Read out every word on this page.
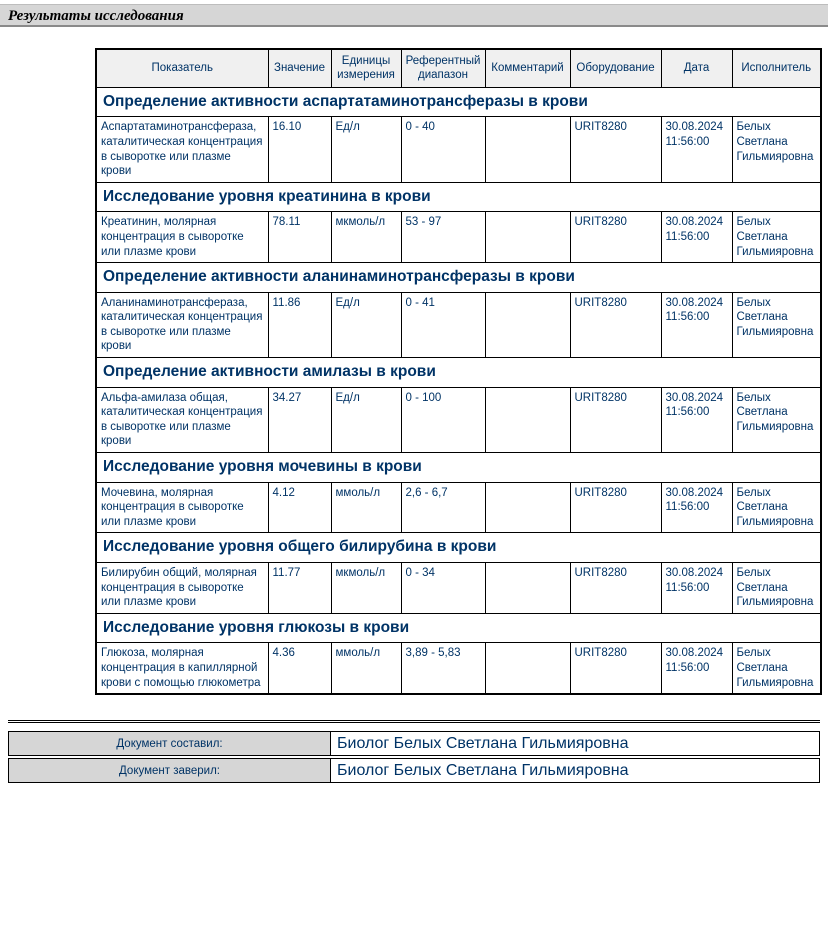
Результаты исследования
Показатель	Значение	Единицы измерения	Референтный диапазон	Комментарий	Оборудование	Дата	Исполнитель
Определение активности аспартатаминотрансферазы в крови							
Аспартатаминотрансфераза, каталитическая концентрация в сыворотке или плазме крови	16.10	Ед/л	0 - 40		URIT8280	30.08.2024 11:56:00	Белых Светлана Гильмияровна
Исследование уровня креатинина в крови							
Креатинин, молярная концентрация в сыворотке или плазме крови	78.11	мкмоль/л	53 - 97		URIT8280	30.08.2024 11:56:00	Белых Светлана Гильмияровна
Определение активности аланинаминотрансферазы в крови							
Аланинаминотрансфераза, каталитическая концентрация в сыворотке или плазме крови	11.86	Ед/л	0 - 41		URIT8280	30.08.2024 11:56:00	Белых Светлана Гильмияровна
Определение активности амилазы в крови							
Альфа-амилаза общая, каталитическая концентрация в сыворотке или плазме крови	34.27	Ед/л	0 - 100		URIT8280	30.08.2024 11:56:00	Белых Светлана Гильмияровна
Исследование уровня мочевины в крови							
Мочевина, молярная концентрация в сыворотке или плазме крови	4.12	ммоль/л	2,6 - 6,7		URIT8280	30.08.2024 11:56:00	Белых Светлана Гильмияровна
Исследование уровня общего билирубина в крови							
Билирубин общий, молярная концентрация в сыворотке или плазме крови	11.77	мкмоль/л	0 - 34		URIT8280	30.08.2024 11:56:00	Белых Светлана Гильмияровна
Исследование уровня глюкозы в крови							
Глюкоза, молярная концентрация в капиллярной крови с помощью глюкометра	4.36	ммоль/л	3,89 - 5,83		URIT8280	30.08.2024 11:56:00	Белых Светлана Гильмияровна
Документ составил:	Биолог Белых Светлана Гильмияровна
Документ заверил:	Биолог Белых Светлана Гильмияровна
